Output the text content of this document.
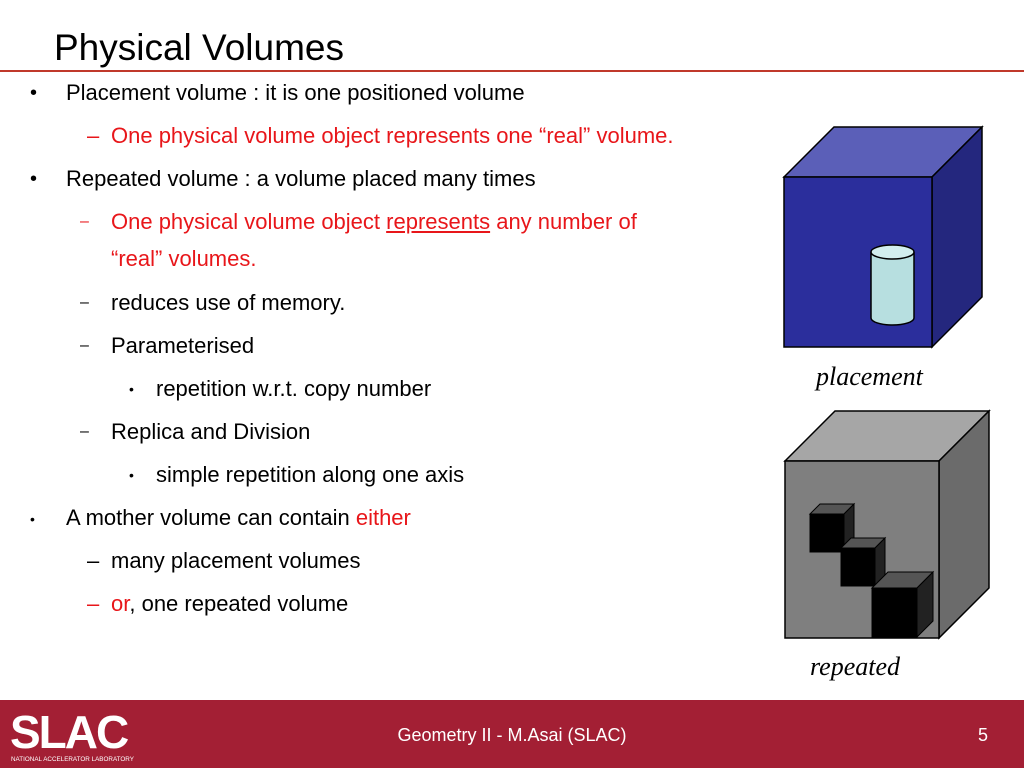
Physical Volumes
• Placement volume : it is one positioned volume
– One physical volume object represents one “real” volume.
• Repeated volume : a volume placed many times
– One physical volume object represents any number of
“real” volumes.
– reduces use of memory.
– Parameterised
• repetition w.r.t. copy number
– Replica and Division
• simple repetition along one axis
• A mother volume can contain either
– many placement volumes
– or, one repeated volume
placement
repeated
SLAC
NATIONAL ACCELERATOR LABORATORY
Geometry II - M.Asai (SLAC)	5
